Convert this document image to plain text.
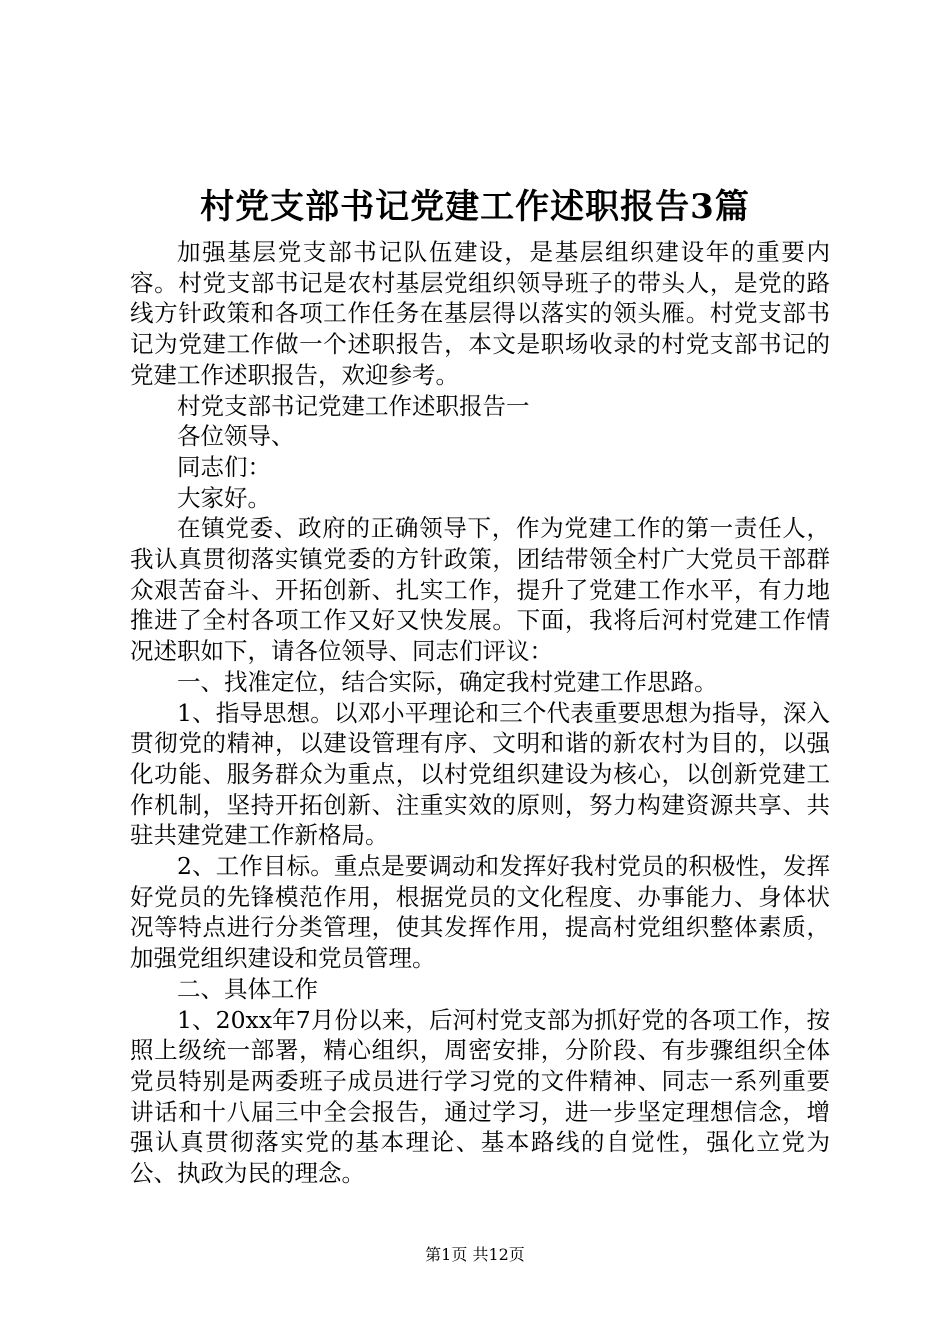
村党支部书记党建工作述职报告3篇

加强基层党支部书记队伍建设，是基层组织建设年的重要内容。村党支部书记是农村基层党组织领导班子的带头人，是党的路线方针政策和各项工作任务在基层得以落实的领头雁。村党支部书记为党建工作做一个述职报告，本文是职场收录的村党支部书记的党建工作述职报告，欢迎参考。

村党支部书记党建工作述职报告一

各位领导、

同志们：

大家好。

在镇党委、政府的正确领导下，作为党建工作的第一责任人，我认真贯彻落实镇党委的方针政策，团结带领全村广大党员干部群众艰苦奋斗、开拓创新、扎实工作，提升了党建工作水平，有力地推进了全村各项工作又好又快发展。下面，我将后河村党建工作情况述职如下，请各位领导、同志们评议：

一、找准定位，结合实际，确定我村党建工作思路。

1、指导思想。以邓小平理论和三个代表重要思想为指导，深入贯彻党的精神，以建设管理有序、文明和谐的新农村为目的，以强化功能、服务群众为重点，以村党组织建设为核心，以创新党建工作机制，坚持开拓创新、注重实效的原则，努力构建资源共享、共驻共建党建工作新格局。

2、工作目标。重点是要调动和发挥好我村党员的积极性，发挥好党员的先锋模范作用，根据党员的文化程度、办事能力、身体状况等特点进行分类管理，使其发挥作用，提高村党组织整体素质，加强党组织建设和党员管理。

二、具体工作

1、20xx年7月份以来，后河村党支部为抓好党的各项工作，按照上级统一部署，精心组织，周密安排，分阶段、有步骤组织全体党员特别是两委班子成员进行学习党的文件精神、同志一系列重要讲话和十八届三中全会报告，通过学习，进一步坚定理想信念，增强认真贯彻落实党的基本理论、基本路线的自觉性，强化立党为公、执政为民的理念。

第1页 共12页
